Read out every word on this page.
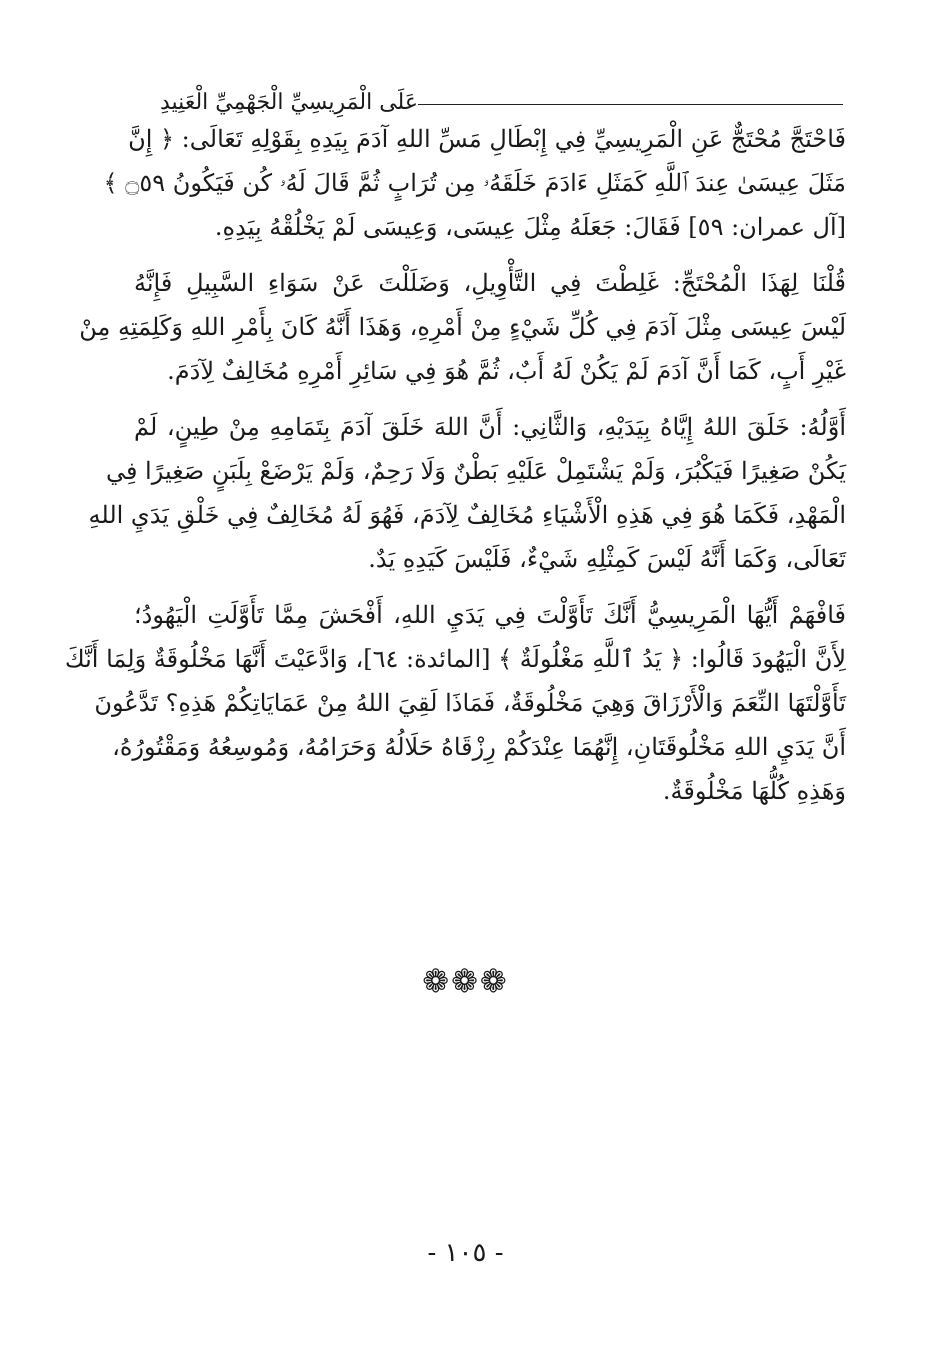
عَلَى الْمَرِيسِيِّ الْجَهْمِيِّ الْعَنِيدِ
فَاحْتَجَّ مُحْتَجٌّ عَنِ الْمَرِيسِيِّ فِي إِبْطَالِ مَسِّ اللهِ آدَمَ بِيَدِهِ بِقَوْلِهِ تَعَالَى: ﴿ إِنَّ
مَثَلَ عِيسَىٰ عِندَ ٱللَّهِ كَمَثَلِ ءَادَمَ خَلَقَهُۥ مِن تُرَابٍ ثُمَّ قَالَ لَهُۥ كُن فَيَكُونُ ۝٥٩ ﴾
[آل عمران: ٥٩] فَقَالَ: جَعَلَهُ مِثْلَ عِيسَى، وَعِيسَى لَمْ يَخْلُقْهُ بِيَدِهِ.
قُلْنَا لِهَذَا الْمُحْتَجِّ: غَلِطْتَ فِي التَّأْوِيلِ، وَضَلَلْتَ عَنْ سَوَاءِ السَّبِيلِ فَإِنَّهُ
لَيْسَ عِيسَى مِثْلَ آدَمَ فِي كُلِّ شَيْءٍ مِنْ أَمْرِهِ، وَهَذَا أَنَّهُ كَانَ بِأَمْرِ اللهِ وَكَلِمَتِهِ مِنْ
غَيْرِ أَبٍ، كَمَا أَنَّ آدَمَ لَمْ يَكُنْ لَهُ أَبٌ، ثُمَّ هُوَ فِي سَائِرِ أَمْرِهِ مُخَالِفٌ لِآدَمَ.
أَوَّلُهُ: خَلَقَ اللهُ إِيَّاهُ بِيَدَيْهِ، وَالثَّانِي: أَنَّ اللهَ خَلَقَ آدَمَ بِتَمَامِهِ مِنْ طِينٍ، لَمْ
يَكُنْ صَغِيرًا فَيَكْبُرَ، وَلَمْ يَشْتَمِلْ عَلَيْهِ بَطْنٌ وَلَا رَحِمٌ، وَلَمْ يَرْضَعْ بِلَبَنٍ صَغِيرًا فِي
الْمَهْدِ، فَكَمَا هُوَ فِي هَذِهِ الْأَشْيَاءِ مُخَالِفٌ لِآدَمَ، فَهُوَ لَهُ مُخَالِفٌ فِي خَلْقِ يَدَيِ اللهِ
تَعَالَى، وَكَمَا أَنَّهُ لَيْسَ كَمِثْلِهِ شَيْءٌ، فَلَيْسَ كَيَدِهِ يَدٌ.
فَافْهَمْ أَيُّهَا الْمَرِيسِيُّ أَنَّكَ تَأَوَّلْتَ فِي يَدَيِ اللهِ، أَفْحَشَ مِمَّا تَأَوَّلَتِ الْيَهُودُ؛
لِأَنَّ الْيَهُودَ قَالُوا: ﴿ يَدُ ٱللَّهِ مَغْلُولَةٌ ﴾ [المائدة: ٦٤]، وَادَّعَيْتَ أَنَّهَا مَخْلُوقَةٌ وَلِمَا أَنَّكَ
تَأَوَّلْتَهَا النِّعَمَ وَالْأَرْزَاقَ وَهِيَ مَخْلُوقَةٌ، فَمَاذَا لَقِيَ اللهُ مِنْ عَمَايَاتِكُمْ هَذِهِ؟ تَدَّعُونَ
أَنَّ يَدَيِ اللهِ مَخْلُوقَتَانِ، إِنَّهُمَا عِنْدَكُمْ رِزْقَاهُ حَلَالُهُ وَحَرَامُهُ، وَمُوسِعُهُ وَمَقْتُورُهُ،
وَهَذِهِ كُلُّهَا مَخْلُوقَةٌ.
❁❁❁
- ١٠٥ -
